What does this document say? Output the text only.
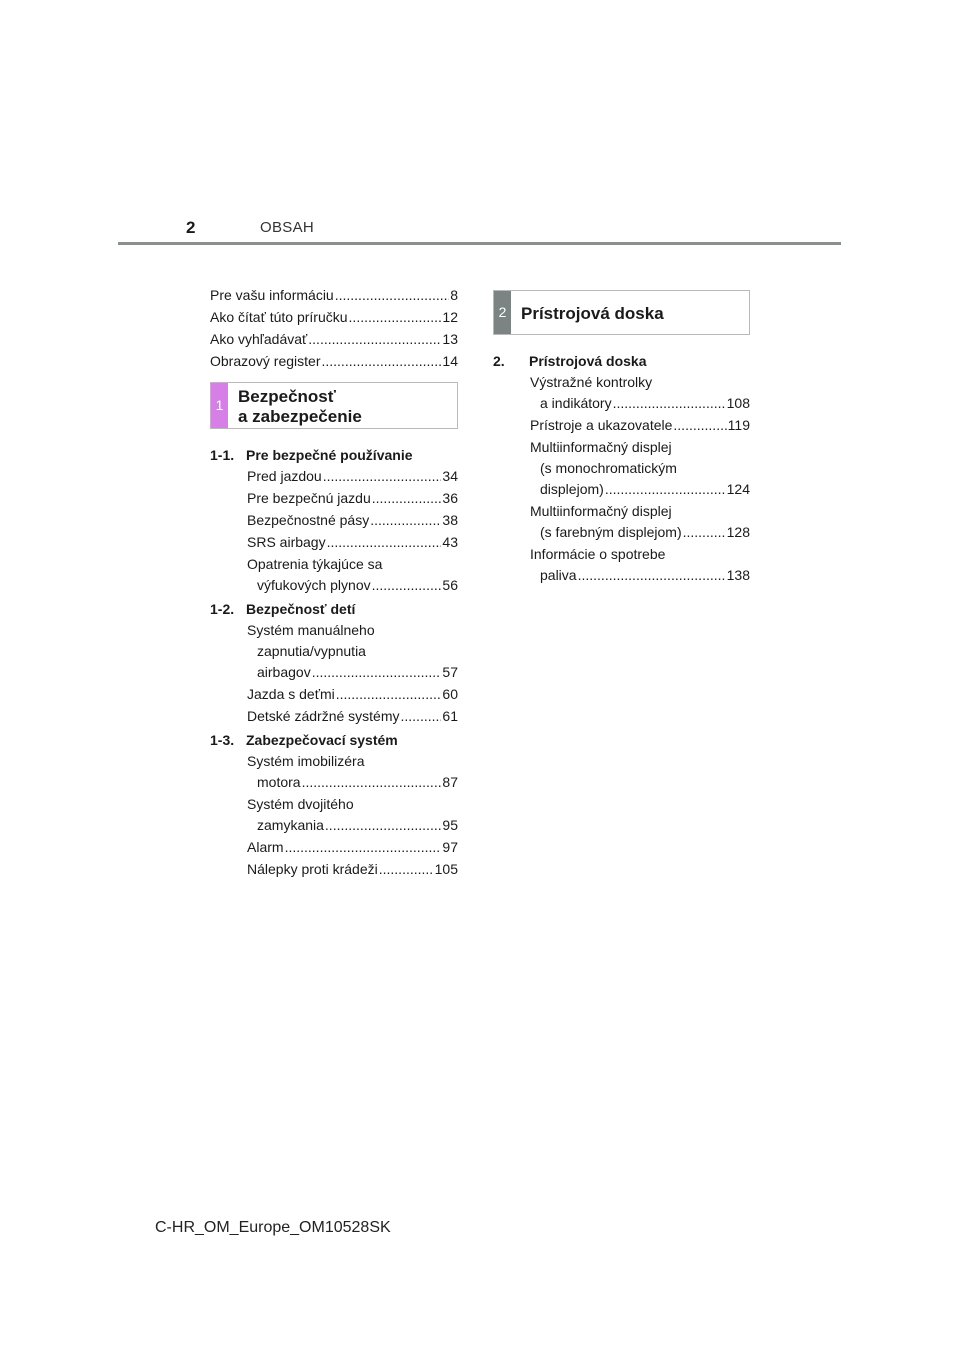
2	OBSAH
Pre vašu informáciu .....	8
Ako čítať túto príručku .....	12
Ako vyhľadávať .....	13
Obrazový register .....	14
1 Bezpečnosť
a zabezpečenie
1-1. Pre bezpečné používanie
Pred jazdou .....	34
Pre bezpečnú jazdu .....	36
Bezpečnostné pásy .....	38
SRS airbagy .....	43
Opatrenia týkajúce sa
výfukových plynov .....	56
1-2. Bezpečnosť detí
Systém manuálneho
zapnutia/vypnutia
airbagov .....	57
Jazda s deťmi .....	60
Detské zádržné systémy .....	61
1-3. Zabezpečovací systém
Systém imobilizéra
motora .....	87
Systém dvojitého
zamykania .....	95
Alarm .....	97
Nálepky proti krádeži .....	105
2 Prístrojová doska
2.	Prístrojová doska
Výstražné kontrolky
a indikátory .....	108
Prístroje a ukazovatele .....	119
Multiinformačný displej
(s monochromatickým
displejom) .....	124
Multiinformačný displej
(s farebným displejom) .....	128
Informácie o spotrebe
paliva .....	138
C-HR_OM_Europe_OM10528SK
